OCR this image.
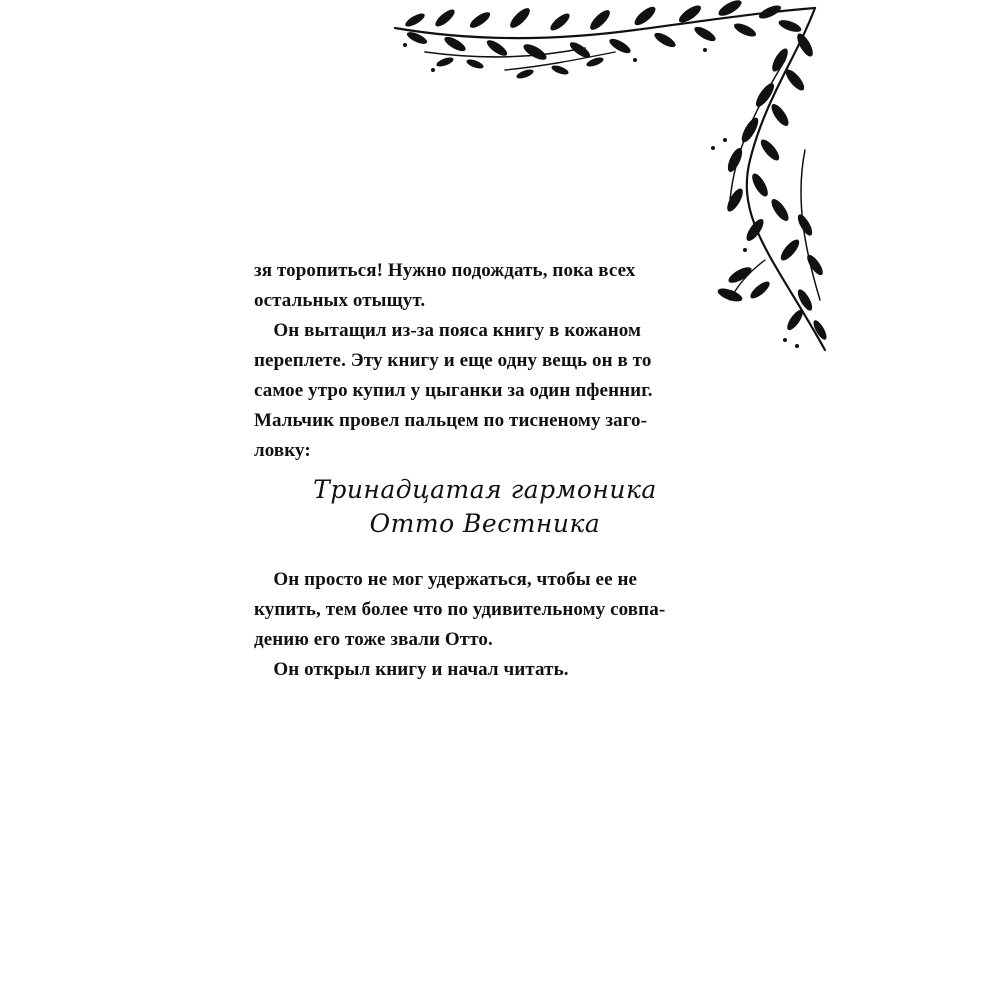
зя торопиться! Нужно подождать, пока всех

остальных отыщут.

Он вытащил из-за пояса книгу в кожаном

переплете. Эту книгу и еще одну вещь он в то

самое утро купил у цыганки за один пфенниг.

Мальчик провел пальцем по тисненому заго-

ловку:

Тринадцатая гармоника
Отто Вестника

Он просто не мог удержаться, чтобы ее не

купить, тем более что по удивительному совпа-

дению его тоже звали Отто.

Он открыл книгу и начал читать.
